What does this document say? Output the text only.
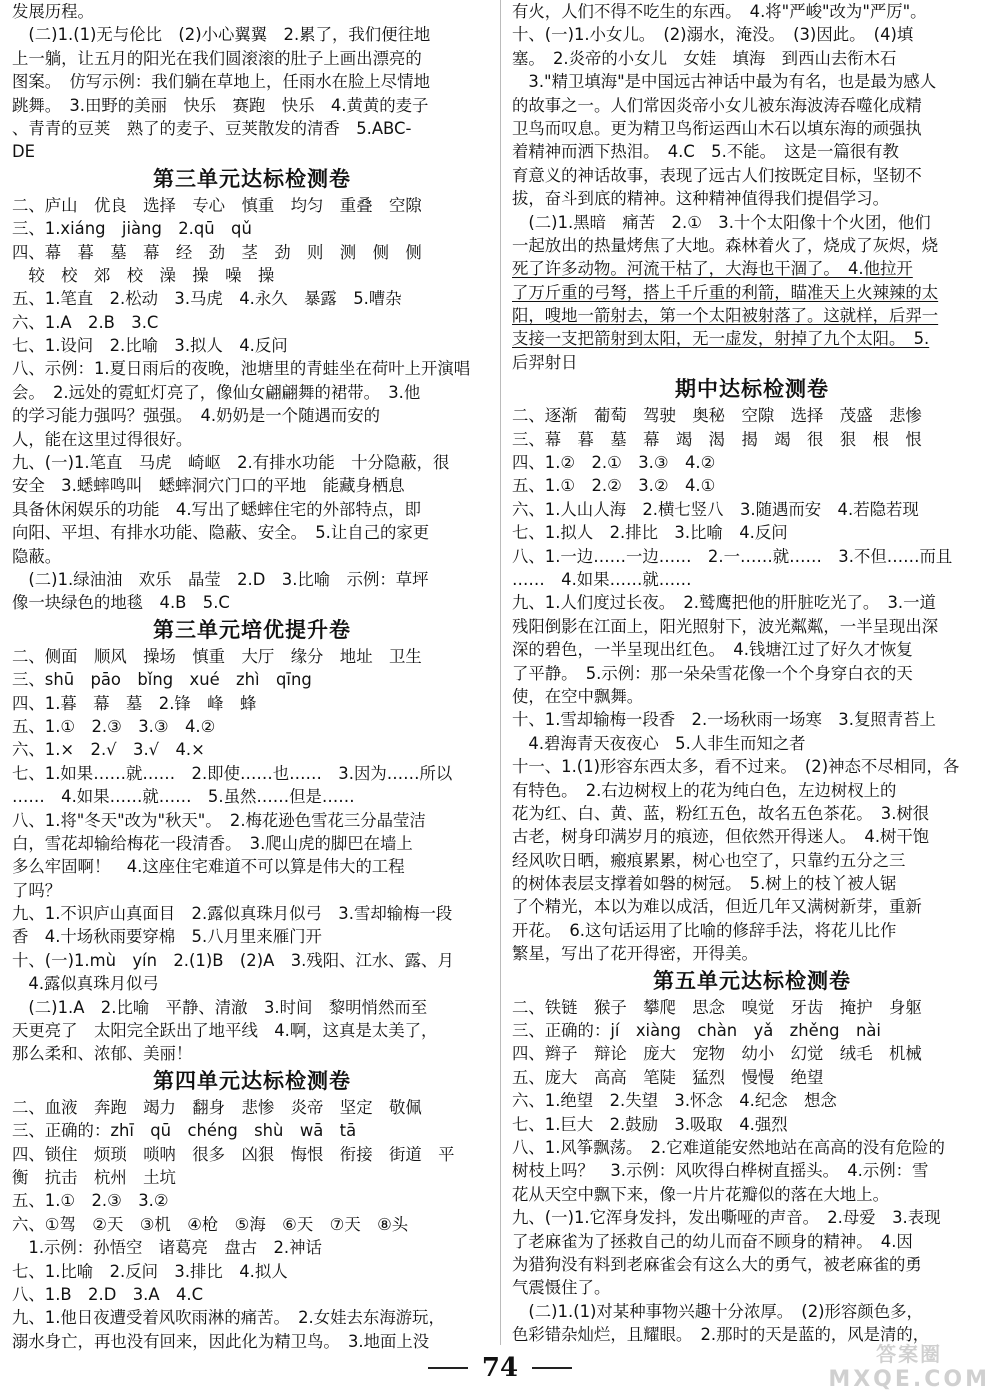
发展历程。
　(二)1.(1)无与伦比　(2)小心翼翼　2.累了，我们便往地
上一躺，让五月的阳光在我们圆滚滚的肚子上画出漂亮的
图案。　仿写示例：我们躺在草地上，任雨水在脸上尽情地
跳舞。　3.田野的美丽　快乐　赛跑　快乐　4.黄黄的麦子
、青青的豆荚　熟了的麦子、豆荚散发的清香　5.ABC-
DE
第三单元达标检测卷
二、庐山　优良　选择　专心　慎重　均匀　重叠　空隙
三、1.xiáng　jiàng　2.qū　qǔ
四、幕　暮　墓　幕　经　劲　茎　劲　则　测　侧　侧
　较　校　郊　校　澡　操　噪　操
五、1.笔直　2.松动　3.马虎　4.永久　暴露　5.嘈杂
六、1.A　2.B　3.C
七、1.设问　2.比喻　3.拟人　4.反问
八、示例：1.夏日雨后的夜晚，池塘里的青蛙坐在荷叶上开演唱
会。　2.远处的霓虹灯亮了，像仙女翩翩舞的裙带。　3.他
的学习能力强吗？强强。　4.奶奶是一个随遇而安的
人，能在这里过得很好。
九、(一)1.笔直　马虎　崎岖　2.有排水功能　十分隐蔽，很
安全　3.蟋蟀鸣叫　蟋蟀洞穴门口的平地　能藏身栖息
具备休闲娱乐的功能　4.写出了蟋蟀住宅的外部特点，即
向阳、平坦、有排水功能、隐蔽、安全。　5.让自己的家更
隐蔽。
　(二)1.绿油油　欢乐　晶莹　2.D　3.比喻　示例：草坪
像一块绿色的地毯　4.B　5.C
第三单元培优提升卷
二、侧面　顺风　操场　慎重　大厅　缘分　地址　卫生
三、shū　pāo　bǐng　xué　zhì　qīng
四、1.暮　幕　墓　2.锋　峰　蜂
五、1.①　2.③　3.③　4.②
六、1.×　2.√　3.√　4.×
七、1.如果……就……　2.即使……也……　3.因为……所以
……　4.如果……就……　5.虽然……但是……
八、1.将"冬天"改为"秋天"。　2.梅花逊色雪花三分晶莹洁
白，雪花却输给梅花一段清香。　3.爬山虎的脚巴在墙上
多么牢固啊！　4.这座住宅难道不可以算是伟大的工程
了吗？
九、1.不识庐山真面目　2.露似真珠月似弓　3.雪却输梅一段
香　4.十场秋雨要穿棉　5.八月里来雁门开
十、(一)1.mù　yín　2.(1)B　(2)A　3.残阳、江水、露、月
　4.露似真珠月似弓
　(二)1.A　2.比喻　平静、清澈　3.时间　黎明悄然而至
天更亮了　太阳完全跃出了地平线　4.啊，这真是太美了，
那么柔和、浓郁、美丽！
第四单元达标检测卷
二、血液　奔跑　竭力　翻身　悲惨　炎帝　坚定　敬佩
三、正确的：zhī　qū　chéng　shù　wā　tā
四、锁住　烦琐　唢呐　很多　凶狠　悔恨　衔接　街道　平
衡　抗击　杭州　土坑
五、1.①　2.③　3.②
六、①驾　②天　③机　④枪　⑤海　⑥天　⑦天　⑧头
　1.示例：孙悟空　诸葛亮　盘古　2.神话
七、1.比喻　2.反问　3.排比　4.拟人
八、1.B　2.D　3.A　4.C
九、1.他日夜遭受着风吹雨淋的痛苦。　2.女娃去东海游玩，
溺水身亡，再也没有回来，因此化为精卫鸟。　3.地面上没
有火，人们不得不吃生的东西。　4.将"严峻"改为"严厉"。
十、(一)1.小女儿。　(2)溺水，淹没。　(3)因此。　(4)填
塞。　2.炎帝的小女儿　女娃　填海　到西山去衔木石
　3."精卫填海"是中国远古神话中最为有名，也是最为感人
的故事之一。人们常因炎帝小女儿被东海波涛吞噬化成精
卫鸟而叹息。更为精卫鸟衔运西山木石以填东海的顽强执
着精神而洒下热泪。　4.C　5.不能。　这是一篇很有教
育意义的神话故事，表现了远古人们按既定目标，坚韧不
拔，奋斗到底的精神。这种精神值得我们提倡学习。
　(二)1.黑暗　痛苦　2.①　3.十个太阳像十个火团，他们
一起放出的热量烤焦了大地。森林着火了，烧成了灰烬，烧
死了许多动物。河流干枯了，大海也干涸了。　4.他拉开
了万斤重的弓弩，搭上千斤重的利箭，瞄准天上火辣辣的太
阳，嗖地一箭射去，第一个太阳被射落了。这就样，后羿一
支接一支把箭射到太阳，无一虚发，射掉了九个太阳。　5.
后羿射日
期中达标检测卷
二、逐渐　葡萄　驾驶　奥秘　空隙　选择　茂盛　悲惨
三、幕　暮　墓　幕　竭　渴　揭　竭　很　狠　根　恨
四、1.②　2.①　3.③　4.②
五、1.①　2.②　3.②　4.①
六、1.人山人海　2.横七竖八　3.随遇而安　4.若隐若现
七、1.拟人　2.排比　3.比喻　4.反问
八、1.一边……一边……　2.一……就……　3.不但……而且
……　4.如果……就……
九、1.人们度过长夜。　2.鹫鹰把他的肝脏吃光了。　3.一道
残阳倒影在江面上，阳光照射下，波光粼粼，一半呈现出深
深的碧色，一半呈现出红色。　4.钱塘江过了好久才恢复
了平静。　5.示例：那一朵朵雪花像一个个身穿白衣的天
使，在空中飘舞。
十、1.雪却输梅一段香　2.一场秋雨一场寒　3.复照青苔上
　4.碧海青天夜夜心　5.人非生而知之者
十一、1.(1)形容东西太多，看不过来。　(2)神态不尽相同，各
有特色。　2.右边树杈上的花为纯白色，左边树杈上的
花为红、白、黄、蓝，粉红五色，故名五色茶花。　3.树很
古老，树身印满岁月的痕迹，但依然开得迷人。　4.树干饱
经风吹日晒，瘢痕累累，树心也空了，只靠约五分之三
的树体表层支撑着如磐的树冠。　5.树上的枝丫被人锯
了个精光，本以为难以成活，但近几年又满树新芽，重新
开花。　6.这句话运用了比喻的修辞手法，将花儿比作
繁星，写出了花开得密，开得美。
第五单元达标检测卷
二、铁链　猴子　攀爬　思念　嗅觉　牙齿　掩护　身躯
三、正确的：jí　xiàng　chàn　yǎ　zhěng　nài
四、辫子　辩论　庞大　宠物　幼小　幻觉　绒毛　机械
五、庞大　高高　笔陡　猛烈　慢慢　绝望
六、1.绝望　2.失望　3.怀念　4.纪念　想念
七、1.巨大　2.鼓励　3.吸取　4.强烈
八、1.风筝飘荡。　2.它难道能安然地站在高高的没有危险的
树枝上吗？　3.示例：风吹得白桦树直摇头。　4.示例：雪
花从天空中飘下来，像一片片花瓣似的落在大地上。
九、(一)1.它浑身发抖，发出嘶哑的声音。　2.母爱　3.表现
了老麻雀为了拯救自己的幼儿而奋不顾身的精神。　4.因
为猎狗没有料到老麻雀会有这么大的勇气，被老麻雀的勇
气震慑住了。
　(二)1.(1)对某种事物兴趣十分浓厚。　(2)形容颜色多，
色彩错杂灿烂，且耀眼。　2.那时的天是蓝的，风是清的，
74	答案圈
MXQE.COM
